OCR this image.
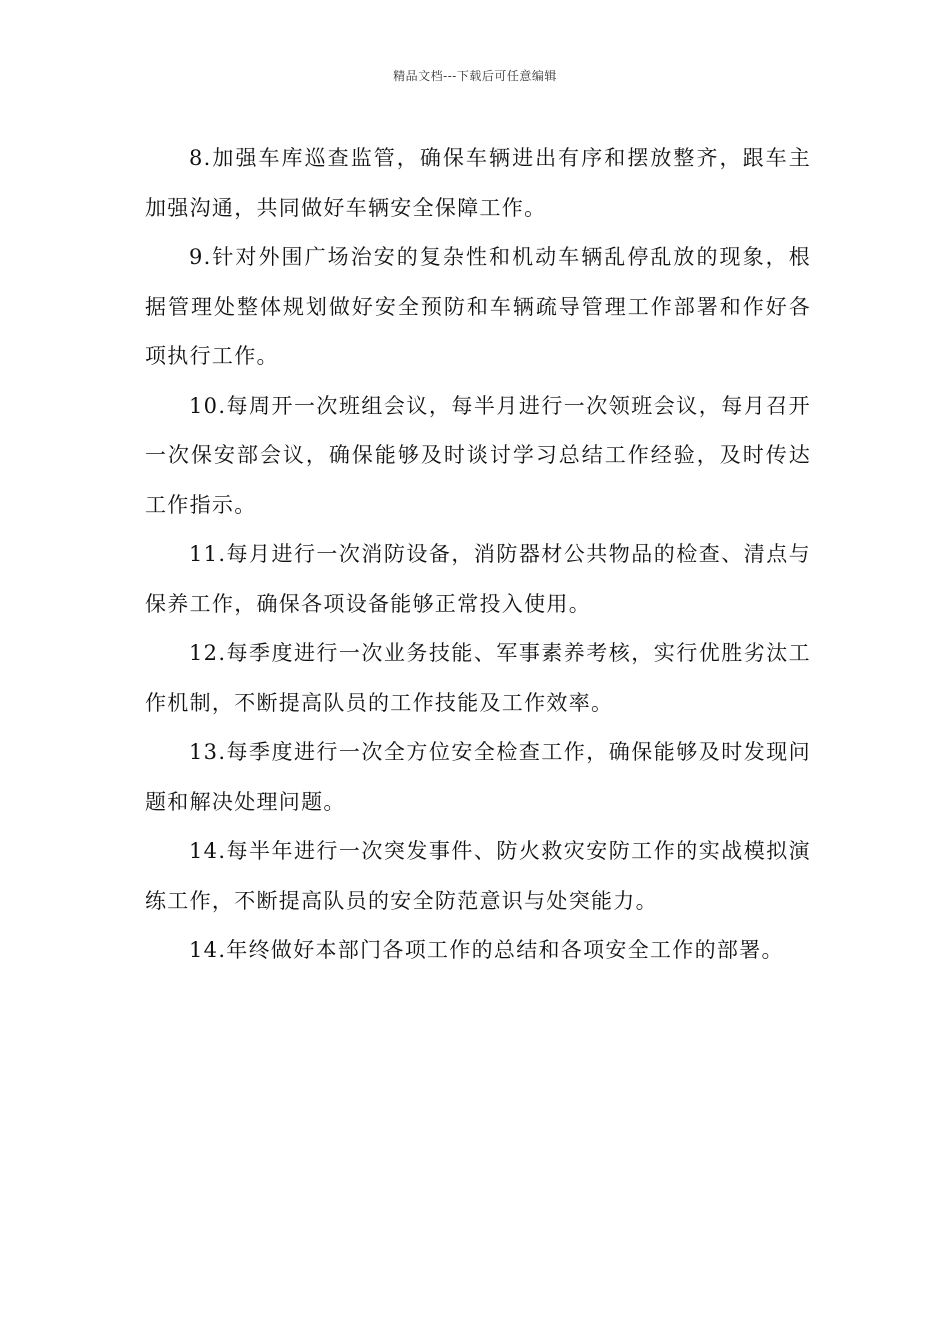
精品文档---下载后可任意编辑

8.加强车库巡查监管，确保车辆进出有序和摆放整齐，跟车主加强沟通，共同做好车辆安全保障工作。

9.针对外围广场治安的复杂性和机动车辆乱停乱放的现象，根据管理处整体规划做好安全预防和车辆疏导管理工作部署和作好各项执行工作。

10.每周开一次班组会议，每半月进行一次领班会议，每月召开一次保安部会议，确保能够及时谈讨学习总结工作经验，及时传达工作指示。

11.每月进行一次消防设备，消防器材公共物品的检查、清点与保养工作，确保各项设备能够正常投入使用。

12.每季度进行一次业务技能、军事素养考核，实行优胜劣汰工作机制，不断提高队员的工作技能及工作效率。

13.每季度进行一次全方位安全检查工作，确保能够及时发现问题和解决处理问题。

14.每半年进行一次突发事件、防火救灾安防工作的实战模拟演练工作，不断提高队员的安全防范意识与处突能力。

14.年终做好本部门各项工作的总结和各项安全工作的部署。
